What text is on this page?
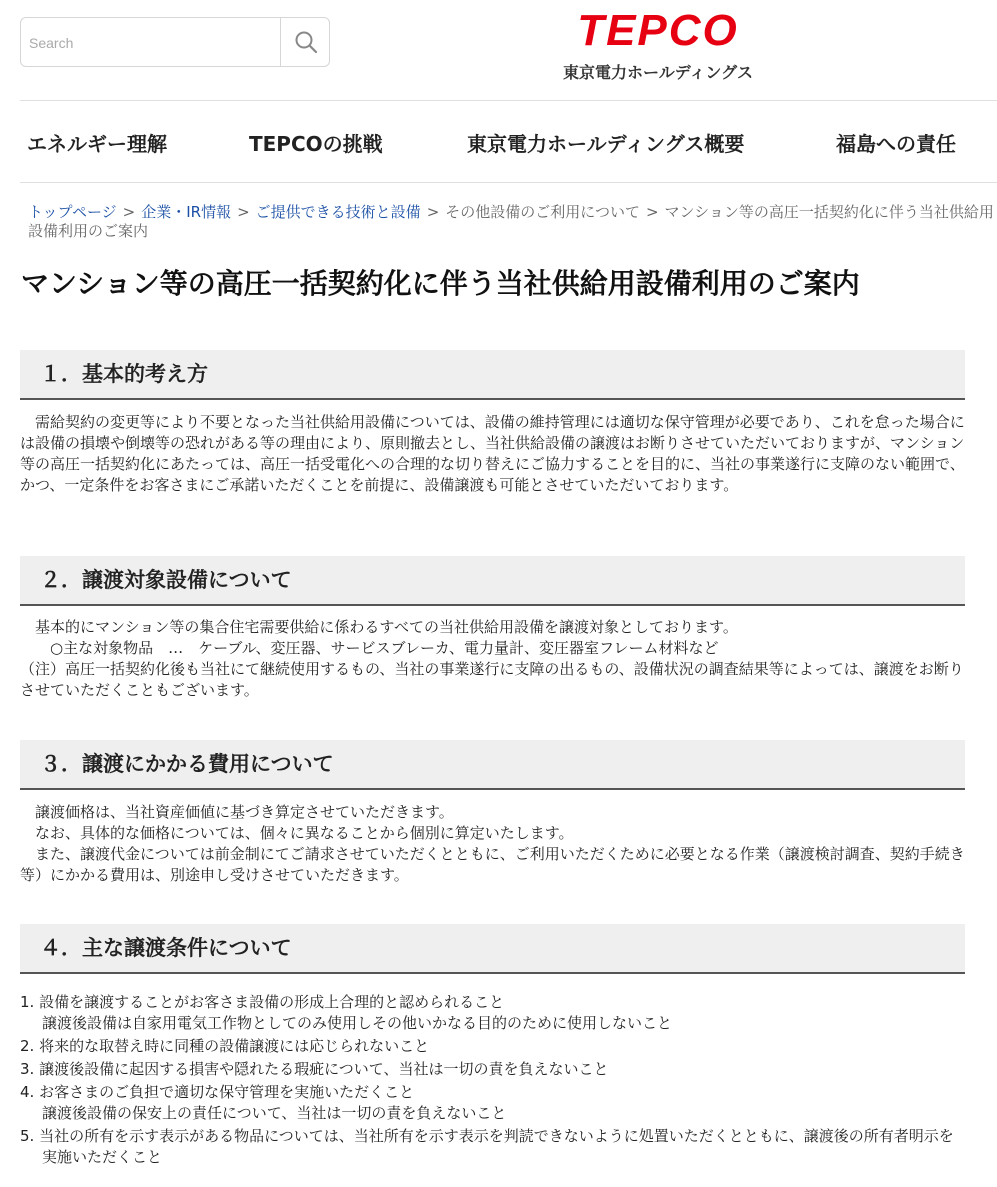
Search
TEPCO
東京電力ホールディングス
エネルギー理解	TEPCOの挑戦	東京電力ホールディングス概要	福島への責任
トップページ > 企業・IR情報 > ご提供できる技術と設備 > その他設備のご利用について > マンション等の高圧一括契約化に伴う当社供給用設備利用のご案内
マンション等の高圧一括契約化に伴う当社供給用設備利用のご案内
１．基本的考え方

　需給契約の変更等により不要となった当社供給用設備については、設備の維持管理には適切な保守管理が必要であり、これを怠った場合には設備の損壊や倒壊等の恐れがある等の理由により、原則撤去とし、当社供給設備の譲渡はお断りさせていただいておりますが、マンション等の高圧一括契約化にあたっては、高圧一括受電化への合理的な切り替えにご協力することを目的に、当社の事業遂行に支障のない範囲で、かつ、一定条件をお客さまにご承諾いただくことを前提に、設備譲渡も可能とさせていただいております。

２．譲渡対象設備について

　基本的にマンション等の集合住宅需要供給に係わるすべての当社供給用設備を譲渡対象としております。

　　○主な対象物品　…　ケーブル、変圧器、サービスブレーカ、電力量計、変圧器室フレーム材料など

（注）高圧一括契約化後も当社にて継続使用するもの、当社の事業遂行に支障の出るもの、設備状況の調査結果等によっては、譲渡をお断りさせていただくこともございます。

３．譲渡にかかる費用について

　譲渡価格は、当社資産価値に基づき算定させていただきます。

　なお、具体的な価格については、個々に異なることから個別に算定いたします。

　また、譲渡代金については前金制にてご請求させていただくとともに、ご利用いただくために必要となる作業（譲渡検討調査、契約手続き等）にかかる費用は、別途申し受けさせていただきます。

４．主な譲渡条件について
1. 設備を譲渡することがお客さま設備の形成上合理的と認められること
譲渡後設備は自家用電気工作物としてのみ使用しその他いかなる目的のために使用しないこと
2. 将来的な取替え時に同種の設備譲渡には応じられないこと
3. 譲渡後設備に起因する損害や隠れたる瑕疵について、当社は一切の責を負えないこと
4. お客さまのご負担で適切な保守管理を実施いただくこと
譲渡後設備の保安上の責任について、当社は一切の責を負えないこと
5. 当社の所有を示す表示がある物品については、当社所有を示す表示を判読できないように処置いただくとともに、譲渡後の所有者明示を実施いただくこと
